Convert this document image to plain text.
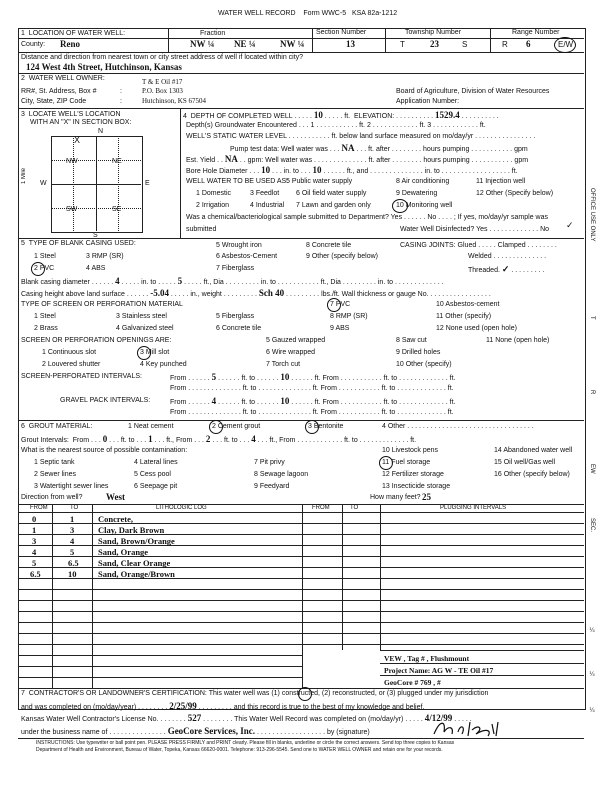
WATER WELL RECORD Form WWC-5 KSA 82a-1212
1 LOCATION OF WATER WELL:	Fraction	Section Number	Township Number	Range Number
County: Reno	NW ¼ NE ¼	NW ¼	13	T	23	S	R 6	E/W
Distance and direction from nearest town or city street address of well if located within city?
124 West 4th Street, Hutchinson, Kansas
2 WATER WELL OWNER:	T & E Oil #17
RR#, St. Address, Box #	:	P.O. Box 1303
City, State, ZIP Code	:	Hutchinson, KS 67504
Board of Agriculture, Division of Water Resources
Application Number:
3 LOCATE WELL'S LOCATION
WITH AN "X" IN SECTION BOX:
N
W	E
S
NW	NE
SW	SE
X
1 Mile
4 DEPTH OF COMPLETED WELL . . . . . 10 . . . . . ft. ELEVATION: . . . . . . . . . . 1529.4 . . . . . . . . . .
Depth(s) Groundwater Encountered . . . 1 . . . . . . . . . . . ft. 2 . . . . . . . . . . . . ft. 3 . . . . . . . . . . . . ft.
WELL'S STATIC WATER LEVEL . . . . . . . . . . . ft. below land surface measured on mo/day/yr . . . . . . . . . . . . . . . .
Pump test data: Well water was . . . NA . . . ft. after . . . . . . . . hours pumping . . . . . . . . . . . gpm
Est. Yield . . NA . . gpm: Well water was . . . . . . . . . . . . . . ft. after . . . . . . . . hours pumping . . . . . . . . . . . gpm
Bore Hole Diameter . . . 10 . . . in. to . . . 10 . . . . . . ft., and . . . . . . . . . . . . . . in. to . . . . . . . . . . . . . . . . . . ft.
WELL WATER TO BE USED AS:
5 Public water supply	8 Air conditioning	11 Injection well
1 Domestic	3 Feedlot 6 Oil field water supply	9 Dewatering	12 Other (Specify below)
2 Irrigation	4 Industrial 7 Lawn and garden only	10 Monitoring well
Was a chemical/bacteriological sample submitted to Department? Yes . . . . . . No . . . . ; If yes, mo/day/yr sample was
submitted	Water Well Disinfected? Yes . . . . . . . . . . . . . No ✓
5 TYPE OF BLANK CASING USED:
1 Steel	3 RMP (SR)
5 Wrought iron
6 Asbestos-Cement
7 Fiberglass
8 Concrete tile
9 Other (specify below)
2 PVC	4 ABS
CASING JOINTS: Glued . . . . . Clamped . . . . . . . .
Welded . . . . . . . . . . . . . .
Threaded. ✓ . . . . . . . . .
Blank casing diameter . . . . . . 4 . . . . . in. to . . . . . 5 . . . . . ft., Dia . . . . . . . . . in. to . . . . . . . . . . . ft., Dia . . . . . . . . . in. to . . . . . . . . . . . . .
Casing height above land surface . . . . . . -5.04 . . . . . in., weight . . . . . . . . . Sch 40 . . . . . . . . . lbs./ft. Wall thickness or gauge No. . . . . . . . . . . . . . . . .
TYPE OF SCREEN OR PERFORATION MATERIAL
1 Steel	3 Stainless steel	5 Fiberglass
7 PVC
8 RMP (SR)
10 Asbestos-cement
2 Brass	4 Galvanized steel	6 Concrete tile	9 ABS
11 Other (specify)
12 None used (open hole)
SCREEN OR PERFORATION OPENINGS ARE:	5 Gauzed wrapped	8 Saw cut	11 None (open hole)
1 Continuous slot	3 Mill slot	6 Wire wrapped	9 Drilled holes
2 Louvered shutter	4 Key punched	7 Torch cut	10 Other (specify)
SCREEN-PERFORATED INTERVALS:	From . . . . . . 5 . . . . . . ft. to . . . . . . 10 . . . . . . ft. From . . . . . . . . . . . ft. to . . . . . . . . . . . . . ft.
From . . . . . . . . . . . . . . ft. to . . . . . . . . . . . . . . ft. From . . . . . . . . . . . ft. to . . . . . . . . . . . . . ft.
GRAVEL PACK INTERVALS:	From . . . . . . 4 . . . . . . ft. to . . . . . . 10 . . . . . . ft. From . . . . . . . . . . . ft. to . . . . . . . . . . . . . ft.
From . . . . . . . . . . . . . . ft. to . . . . . . . . . . . . . . ft. From . . . . . . . . . . . ft. to . . . . . . . . . . . . . ft.
6 GROUT MATERIAL:	1 Neat cement	2 Cement grout	3 Bentonite	4 Other . . . . . . . . . . . . . . . . . . . . . . . . . . . . . . . . .
Grout Intervals: From . . . 0 . . . ft. to . . . 1 . . . ft., From . . . 2 . . . ft. to . . . 4 . . . ft., From . . . . . . . . . . . . ft. to . . . . . . . . . . . . . ft.
What is the nearest source of possible contamination:	10 Livestock pens	14 Abandoned water well
1 Septic tank	4 Lateral lines	7 Pit privy	11 Fuel storage	15 Oil well/Gas well
2 Sewer lines	5 Cess pool	8 Sewage lagoon	12 Fertilizer storage	16 Other (specify below)
3 Watertight sewer lines	6 Seepage pit	9 Feedyard	13 Insecticide storage
Direction from well?	West	How many feet? 25
FROM	TO	LITHOLOGIC LOG	FROM	TO	PLUGGING INTERVALS
0	1	Concrete,
1	3	Clay, Dark Brown
3	4	Sand, Brown/Orange
4	5	Sand, Orange
5	6.5 Sand, Clear Orange
6.5	10	Sand, Orange/Brown
VEW , Tag # , Flushmount
Project Name: AG W - TE Oil #17
GeoCore # 769 , #
7 CONTRACTOR'S OR LANDOWNER'S CERTIFICATION: This water well was (1) constructed, (2) reconstructed, or (3) plugged under my jurisdiction
and was completed on (mo/day/year) . . . . . . . . 2/25/99 . . . . . . . . . and this record is true to the best of my knowledge and belief.
Kansas Water Well Contractor's License No. . . . . . . . 527 . . . . . . . . This Water Well Record was completed on (mo/day/yr) . . . . . 4/12/99 . . . . .
under the business name of . . . . . . . . . . . . . . . GeoCore Services, Inc. . . . . . . . . . . . . . . . . . . by (signature)
INSTRUCTIONS: Use typewriter or ball point pen. PLEASE PRESS FIRMLY and PRINT clearly. Please fill in blanks, underline or circle the correct answers. Send top three copies to Kansas
Department of Health and Environment, Bureau of Water, Topeka, Kansas 66620-0001. Telephone: 913-296-5545. Send one to WATER WELL OWNER and retain one for your records.
OFFICE USE ONLY
T
R
EW
SEC.
¼
¼
¼
